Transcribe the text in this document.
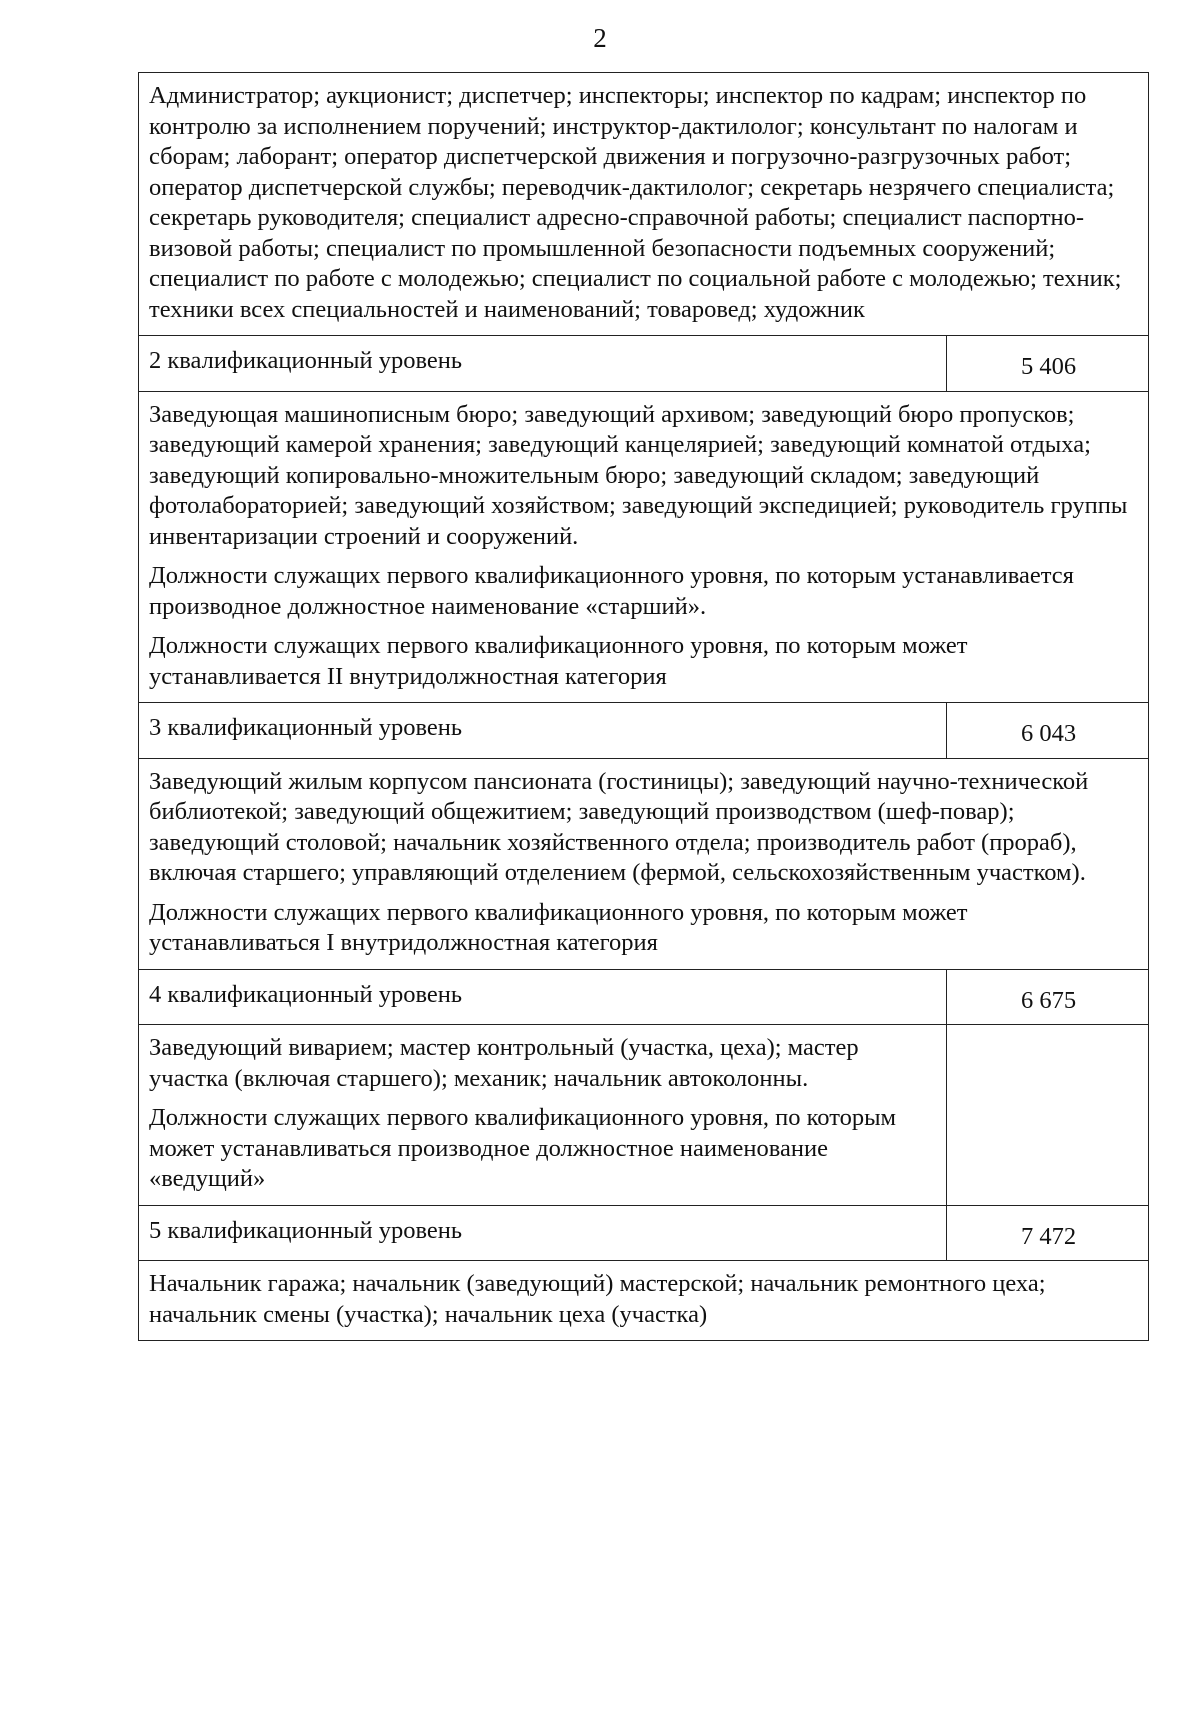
2

Администратор; аукционист; диспетчер; инспекторы; инспектор по кадрам; инспектор по контролю за исполнением поручений; инструктор-дактилолог; консультант по налогам и сборам; лаборант; оператор диспетчерской движения и погрузочно-разгрузочных работ; оператор диспетчерской службы; переводчик-дактилолог; секретарь незрячего специалиста; секретарь руководителя; специалист адресно-справочной работы; специалист паспортно-визовой работы; специалист по промышленной безопасности подъемных сооружений; специалист по работе с молодежью; специалист по социальной работе с молодежью; техник; техники всех специальностей и наименований; товаровед; художник	

2 квалификационный уровень	5 406

Заведующая машинописным бюро; заведующий архивом; заведующий бюро пропусков; заведующий камерой хранения; заведующий канцелярией; заведующий комнатой отдыха; заведующий копировально-множительным бюро; заведующий складом; заведующий фотолабораторией; заведующий хозяйством; заведующий экспедицией; руководитель группы инвентаризации строений и сооружений.

Должности служащих первого квалификационного уровня, по которым устанавливается производное должностное наименование «старший».

Должности служащих первого квалификационного уровня, по которым может устанавливается II внутридолжностная категория	

3 квалификационный уровень	6 043

Заведующий жилым корпусом пансионата (гостиницы); заведующий научно-технической библиотекой; заведующий общежитием; заведующий производством (шеф-повар); заведующий столовой; начальник хозяйственного отдела; производитель работ (прораб), включая старшего; управляющий отделением (фермой, сельскохозяйственным участком).

Должности служащих первого квалификационного уровня, по которым может устанавливаться I внутридолжностная категория	

4 квалификационный уровень	6 675

Заведующий виварием; мастер контрольный (участка, цеха); мастер участка (включая старшего); механик; начальник автоколонны.

Должности служащих первого квалификационного уровня, по которым может устанавливаться производное должностное наименование «ведущий»	

5 квалификационный уровень	7 472

Начальник гаража; начальник (заведующий) мастерской; начальник ремонтного цеха; начальник смены (участка); начальник цеха (участка)	
